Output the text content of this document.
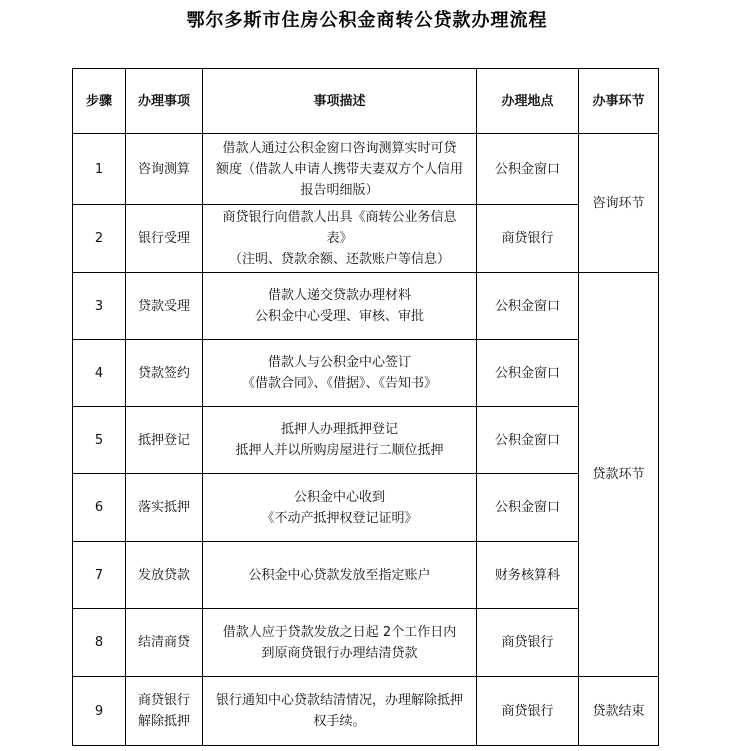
鄂尔多斯市住房公积金商转公贷款办理流程
步骤	办理事项	事项描述	办理地点	办事环节
1	咨询测算	借款人通过公积金窗口咨询测算实时可贷
额度（借款人申请人携带夫妻双方个人信用
报告明细版）	公积金窗口	咨询环节
2	银行受理	商贷银行向借款人出具《商转公业务信息
表》
（注明、贷款余额、还款账户等信息）	商贷银行	
3	贷款受理	借款人递交贷款办理材料
公积金中心受理、审核、审批	公积金窗口	贷款环节
4	贷款签约	借款人与公积金中心签订
《借款合同》、《借据》、《告知书》	公积金窗口	
5	抵押登记	抵押人办理抵押登记
抵押人并以所购房屋进行二顺位抵押	公积金窗口	
6	落实抵押	公积金中心收到
《不动产抵押权登记证明》	公积金窗口	
7	发放贷款	公积金中心贷款发放至指定账户	财务核算科	
8	结清商贷	借款人应于贷款发放之日起 2个工作日内
到原商贷银行办理结清贷款	商贷银行	
9	商贷银行
解除抵押	银行通知中心贷款结清情况，办理解除抵押
权手续。	商贷银行	贷款结束
